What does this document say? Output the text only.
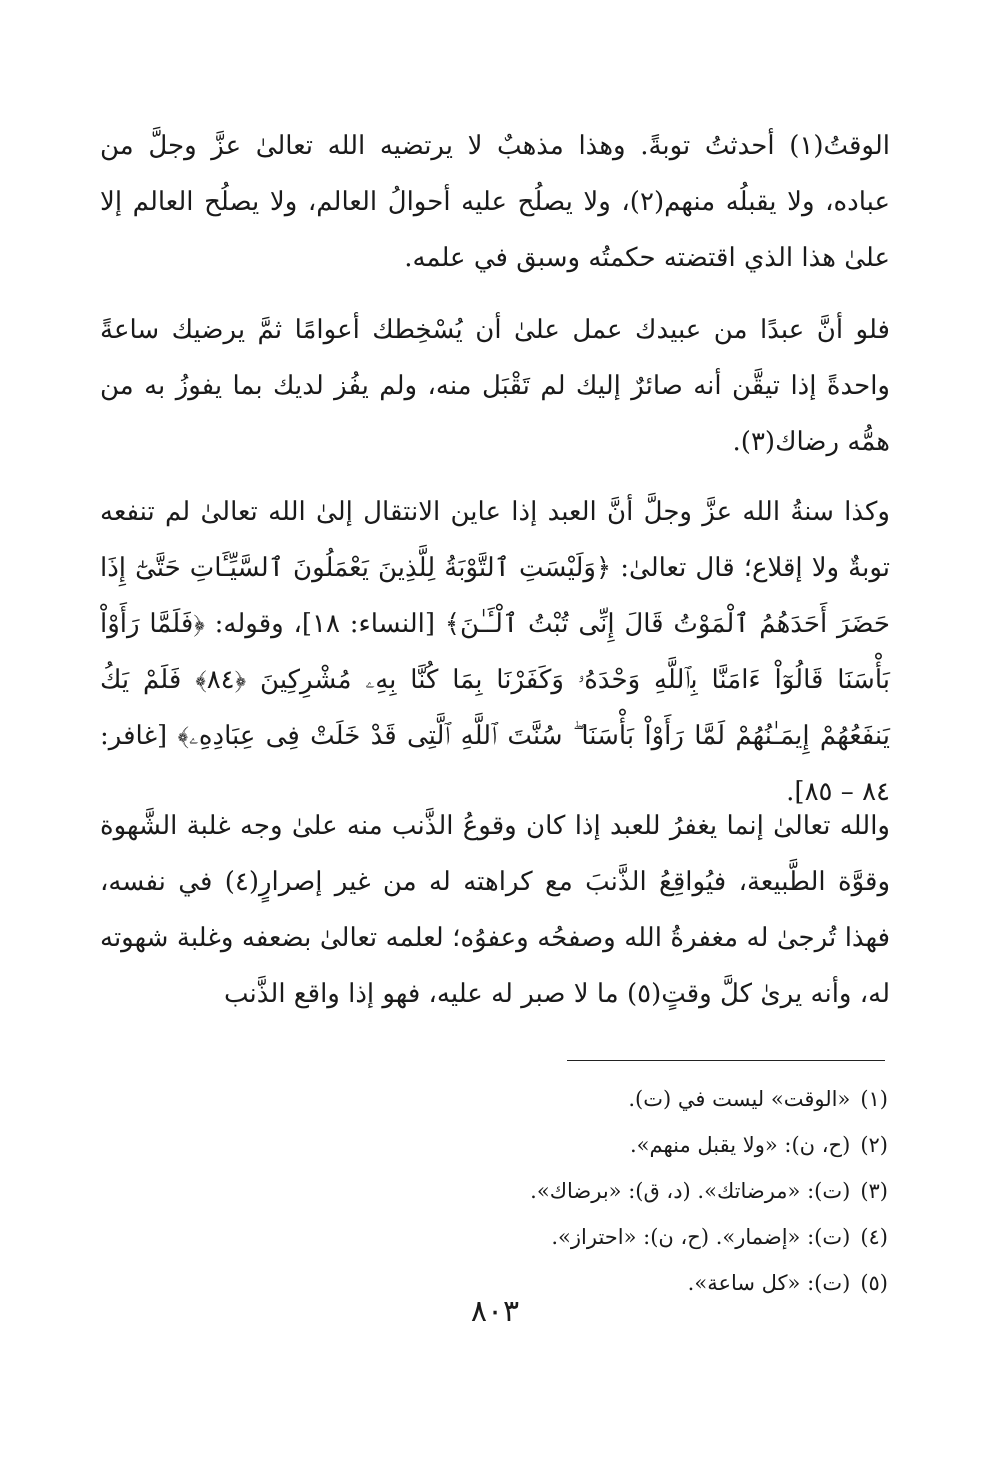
الوقتُ(١) أحدثتُ توبةً. وهذا مذهبٌ لا يرتضيه الله تعالىٰ عزَّ وجلَّ من عباده، ولا يقبلُه منهم(٢)، ولا يصلُح عليه أحوالُ العالم، ولا يصلُح العالم إلا علىٰ هذا الذي اقتضته حكمتُه وسبق في علمه.

فلو أنَّ عبدًا من عبيدك عمل علىٰ أن يُسْخِطك أعوامًا ثمَّ يرضيك ساعةً واحدةً إذا تيقَّن أنه صائرٌ إليك لم تَقْبَل منه، ولم يفُز لديك بما يفوزُ به من همُّه رضاك(٣).

وكذا سنةُ الله عزَّ وجلَّ أنَّ العبد إذا عاين الانتقال إلىٰ الله تعالىٰ لم تنفعه توبةٌ ولا إقلاع؛ قال تعالىٰ: ﴿وَلَيْسَتِ ٱلتَّوْبَةُ لِلَّذِينَ يَعْمَلُونَ ٱلسَّيِّـَٔاتِ حَتَّىٰٓ إِذَا حَضَرَ أَحَدَهُمُ ٱلْمَوْتُ قَالَ إِنِّى تُبْتُ ٱلْـَٔـٰنَ﴾ [النساء: ١٨]، وقوله: ﴿فَلَمَّا رَأَوْاْ بَأْسَنَا قَالُوٓاْ ءَامَنَّا بِٱللَّهِ وَحْدَهُۥ وَكَفَرْنَا بِمَا كُنَّا بِهِۦ مُشْرِكِينَ ﴿٨٤﴾ فَلَمْ يَكُ يَنفَعُهُمْ إِيمَـٰنُهُمْ لَمَّا رَأَوْاْ بَأْسَنَا ۖ سُنَّتَ ٱللَّهِ ٱلَّتِى قَدْ خَلَتْ فِى عِبَادِهِۦ﴾ [غافر: ٨٤ – ٨٥].

والله تعالىٰ إنما يغفرُ للعبد إذا كان وقوعُ الذَّنب منه علىٰ وجه غلبة الشَّهوة وقوَّة الطَّبيعة، فيُواقِعُ الذَّنبَ مع كراهته له من غير إصرارٍ(٤) في نفسه، فهذا تُرجىٰ له مغفرةُ الله وصفحُه وعفوُه؛ لعلمه تعالىٰ بضعفه وغلبة شهوته له، وأنه يرىٰ كلَّ وقتٍ(٥) ما لا صبر له عليه، فهو إذا واقع الذَّنب

(١)«الوقت» ليست في (ت).

(٢)(ح، ن): «ولا يقبل منهم».

(٣)(ت): «مرضاتك». (د، ق): «برضاك».

(٤)(ت): «إضمار». (ح، ن): «احتراز».

(٥)(ت): «كل ساعة».

٨٠٣
